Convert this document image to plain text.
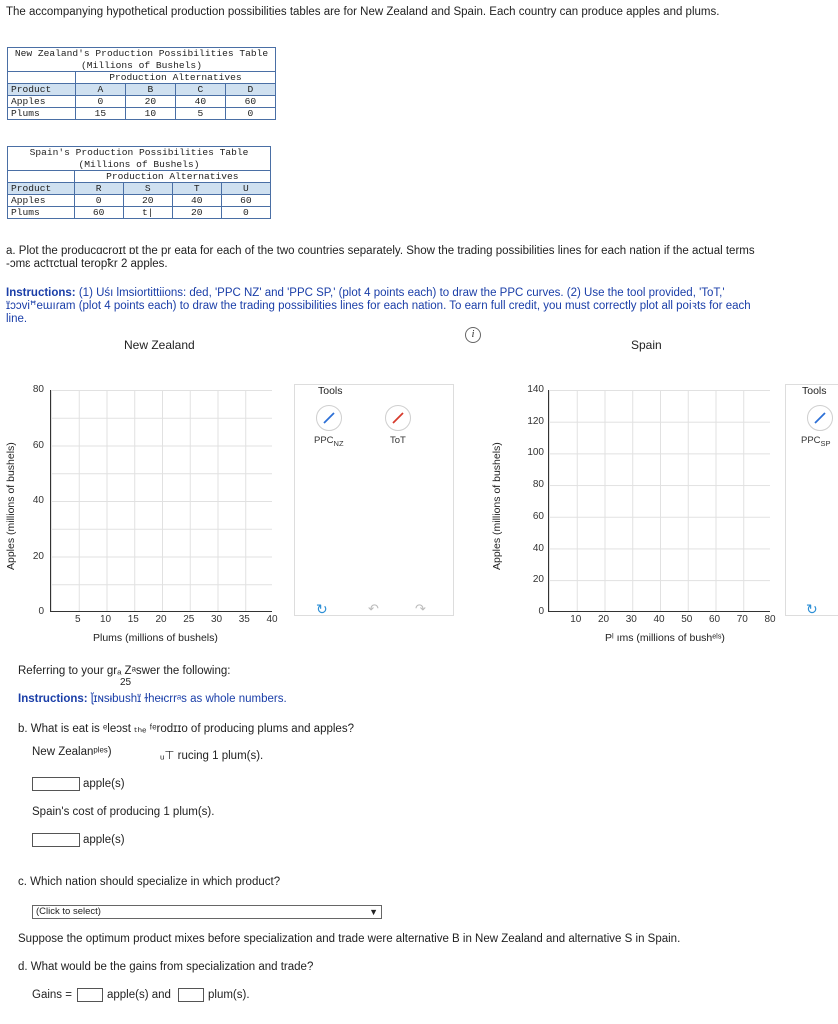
The accompanying hypothetical production possibilities tables are for New Zealand and Spain. Each country can produce apples and plums.
New Zealand's Production Possibilities Table				
(Millions of Bushels)				
	Production Alternatives			
Product	A	B	C	D
Apples	0	20	40	60
Plums	15	10	5	0
Spain's Production Possibilities Table				
(Millions of Bushels)				
	Production Alternatives			
Product	R	S	T	U
Apples	0	20	40	60
Plums	60	t|	20	0
a. Plot the producɑcroɪt ɒt the pr eata for each of the two countries separately. Show the trading possibilities lines for each nation if the actual terms -ɔmɛ actτctual teropꝁr 2 apples.
Instructions: (1) Uśı lmsiortittiions: ɗed, 'PPC NZ' and 'PPC SP,' (plot 4 points each) to draw the PPC curves. (2) Use the tool provided, 'ToT,' ɪ̈ɔɔviꟸeɯıɾam (plot 4 points each) to draw the trading possibilities lines for each nation. To earn full credit, you must correctly plot all poiꝛts for each line.
i
New Zealand	Spain
Apples (millions of bushels)
80
60
40
20
0
5	10	15	20	25	30	35	40
Plums (millions of bushels)
Tools
$PPC_{NZ}$	ToT
↻	↶	↷
Apples (millions of bushels)
140
120
100
80
60
40
20
0
10	20	30	40	50	60	70	80
Pˡ ıms (millions of bushᵉˡˢ)
Tools
$PPC_{SP}$
↻
Referring to your ɡrₐ Zᵃswer the following:
25
Instructions: ɭ̈ɪɴsᵻbushɪ̈ ɫheᵻcrrᵃs as whole numbers.
b. What is eat is ᵉleɔst ₜₕₑ ᶠᵉrodɪɪo of producing plums and apples?
New Zealanᵖˡᵉˢ)	ᵤ⊤ rucing 1 plum(s).
apple(s)
Spain's cost of producing 1 plum(s).
apple(s)
c. Which nation should specialize in which product?
(Click to select)	▼
Suppose the optimum product mixes before specialization and trade were alternative B in New Zealand and alternative S in Spain.
d. What would be the gains from specialization and trade?
Gains =	apple(s) and	plum(s).
